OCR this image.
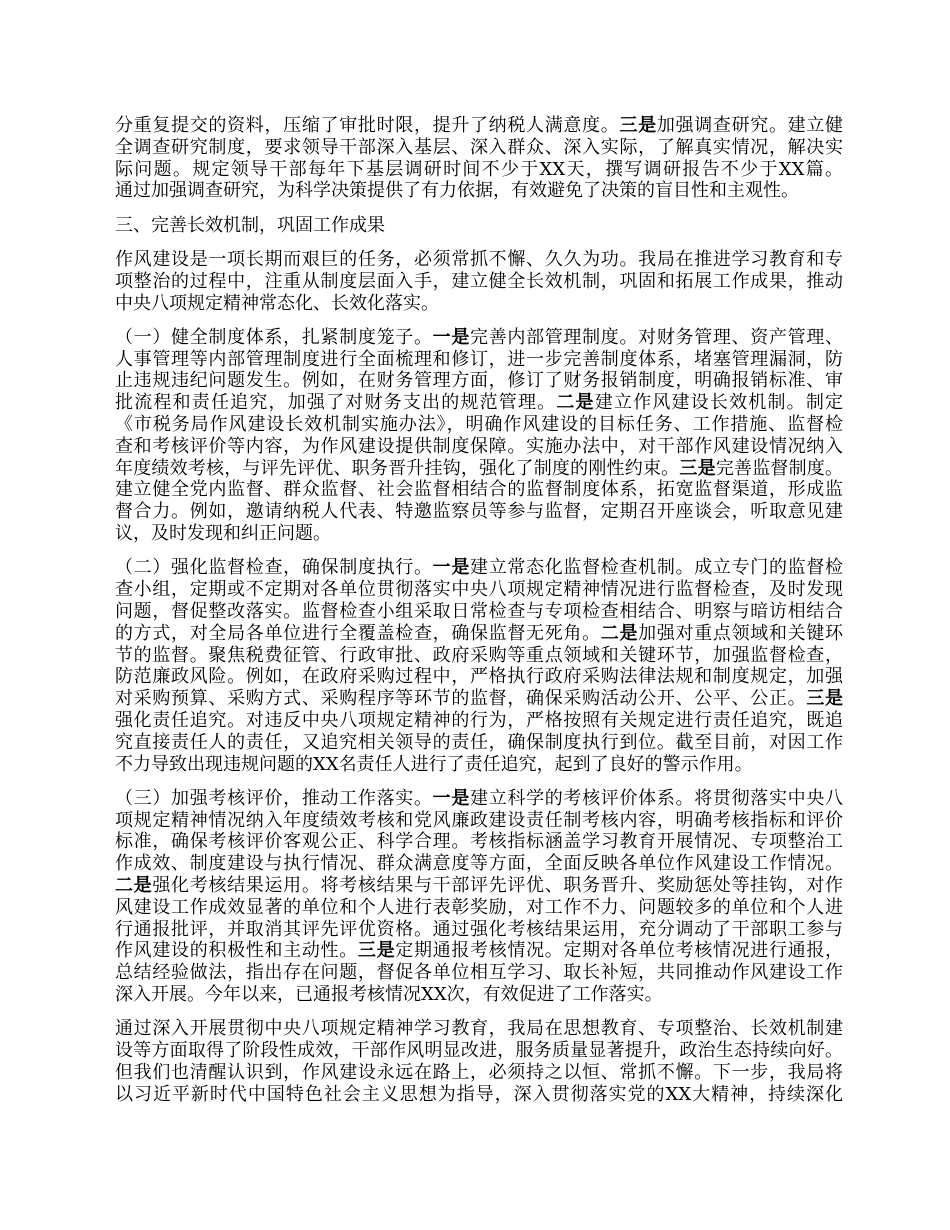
分重复提交的资料，压缩了审批时限，提升了纳税人满意度。三是加强调查研究。建立健
全调查研究制度，要求领导干部深入基层、深入群众、深入实际，了解真实情况，解决实
际问题。规定领导干部每年下基层调研时间不少于XX天，撰写调研报告不少于XX篇。
通过加强调查研究，为科学决策提供了有力依据，有效避免了决策的盲目性和主观性。
三、完善长效机制，巩固工作成果
作风建设是一项长期而艰巨的任务，必须常抓不懈、久久为功。我局在推进学习教育和专
项整治的过程中，注重从制度层面入手，建立健全长效机制，巩固和拓展工作成果，推动
中央八项规定精神常态化、长效化落实。
（一）健全制度体系，扎紧制度笼子。一是完善内部管理制度。对财务管理、资产管理、
人事管理等内部管理制度进行全面梳理和修订，进一步完善制度体系，堵塞管理漏洞，防
止违规违纪问题发生。例如，在财务管理方面，修订了财务报销制度，明确报销标准、审
批流程和责任追究，加强了对财务支出的规范管理。二是建立作风建设长效机制。制定
《市税务局作风建设长效机制实施办法》，明确作风建设的目标任务、工作措施、监督检
查和考核评价等内容，为作风建设提供制度保障。实施办法中，对干部作风建设情况纳入
年度绩效考核，与评先评优、职务晋升挂钩，强化了制度的刚性约束。三是完善监督制度。
建立健全党内监督、群众监督、社会监督相结合的监督制度体系，拓宽监督渠道，形成监
督合力。例如，邀请纳税人代表、特邀监察员等参与监督，定期召开座谈会，听取意见建
议，及时发现和纠正问题。
（二）强化监督检查，确保制度执行。一是建立常态化监督检查机制。成立专门的监督检
查小组，定期或不定期对各单位贯彻落实中央八项规定精神情况进行监督检查，及时发现
问题，督促整改落实。监督检查小组采取日常检查与专项检查相结合、明察与暗访相结合
的方式，对全局各单位进行全覆盖检查，确保监督无死角。二是加强对重点领域和关键环
节的监督。聚焦税费征管、行政审批、政府采购等重点领域和关键环节，加强监督检查，
防范廉政风险。例如，在政府采购过程中，严格执行政府采购法律法规和制度规定，加强
对采购预算、采购方式、采购程序等环节的监督，确保采购活动公开、公平、公正。三是
强化责任追究。对违反中央八项规定精神的行为，严格按照有关规定进行责任追究，既追
究直接责任人的责任，又追究相关领导的责任，确保制度执行到位。截至目前，对因工作
不力导致出现违规问题的XX名责任人进行了责任追究，起到了良好的警示作用。
（三）加强考核评价，推动工作落实。一是建立科学的考核评价体系。将贯彻落实中央八
项规定精神情况纳入年度绩效考核和党风廉政建设责任制考核内容，明确考核指标和评价
标准，确保考核评价客观公正、科学合理。考核指标涵盖学习教育开展情况、专项整治工
作成效、制度建设与执行情况、群众满意度等方面，全面反映各单位作风建设工作情况。
二是强化考核结果运用。将考核结果与干部评先评优、职务晋升、奖励惩处等挂钩，对作
风建设工作成效显著的单位和个人进行表彰奖励，对工作不力、问题较多的单位和个人进
行通报批评，并取消其评先评优资格。通过强化考核结果运用，充分调动了干部职工参与
作风建设的积极性和主动性。三是定期通报考核情况。定期对各单位考核情况进行通报，
总结经验做法，指出存在问题，督促各单位相互学习、取长补短，共同推动作风建设工作
深入开展。今年以来，已通报考核情况XX次，有效促进了工作落实。
通过深入开展贯彻中央八项规定精神学习教育，我局在思想教育、专项整治、长效机制建
设等方面取得了阶段性成效，干部作风明显改进，服务质量显著提升，政治生态持续向好。
但我们也清醒认识到，作风建设永远在路上，必须持之以恒、常抓不懈。下一步，我局将
以习近平新时代中国特色社会主义思想为指导，深入贯彻落实党的XX大精神，持续深化
